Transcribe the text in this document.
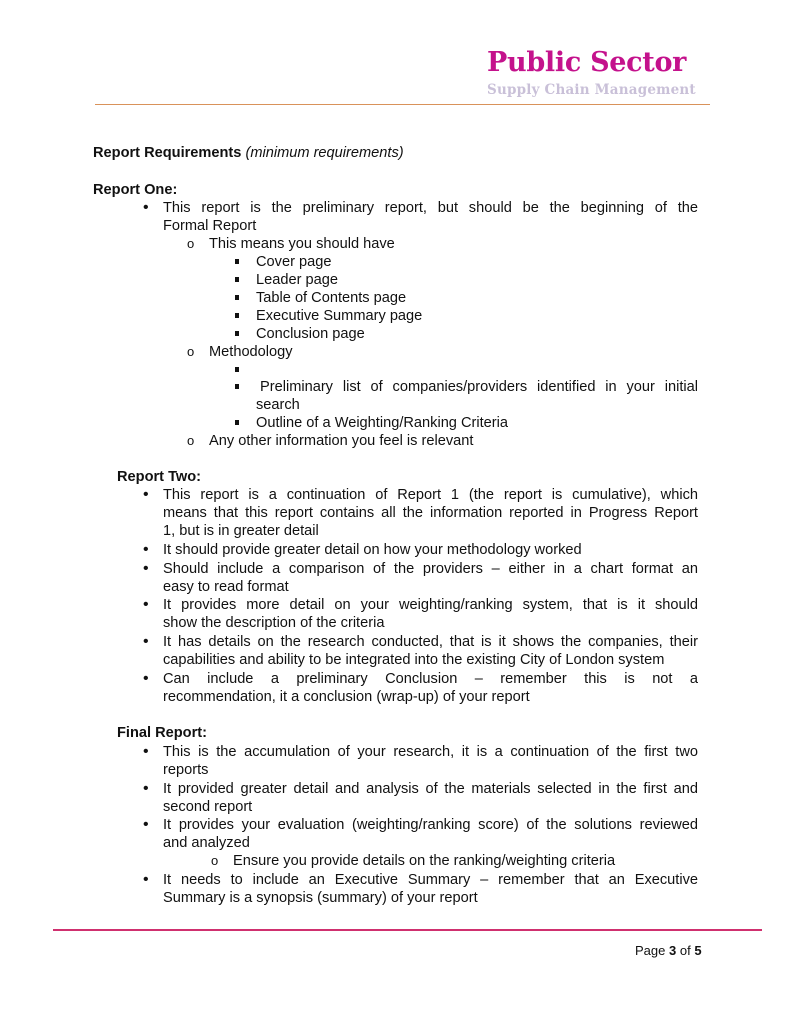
Public Sector
Supply Chain Management
Report Requirements (minimum requirements)
Report One:
Report Two:
Final Report:
• This report is the preliminary report, but should be the beginning of the
Formal Report
o This means you should have
Cover page
Leader page
Table of Contents page
Executive Summary page
Conclusion page
o Methodology
Preliminary list of companies/providers identified in your initial
search
Outline of a Weighting/Ranking Criteria
o Any other information you feel is relevant
• This report is a continuation of Report 1 (the report is cumulative), which
means that this report contains all the information reported in Progress Report
1, but is in greater detail
• It should provide greater detail on how your methodology worked
• Should include a comparison of the providers – either in a chart format an
easy to read format
• It provides more detail on your weighting/ranking system, that is it should
show the description of the criteria
• It has details on the research conducted, that is it shows the companies, their
capabilities and ability to be integrated into the existing City of London system
• Can include a preliminary Conclusion – remember this is not a
recommendation, it a conclusion (wrap-up) of your report
• This is the accumulation of your research, it is a continuation of the first two
reports
• It provided greater detail and analysis of the materials selected in the first and
second report
• It provides your evaluation (weighting/ranking score) of the solutions reviewed
and analyzed
o Ensure you provide details on the ranking/weighting criteria
• It needs to include an Executive Summary – remember that an Executive
Summary is a synopsis (summary) of your report
Page 3 of 5
